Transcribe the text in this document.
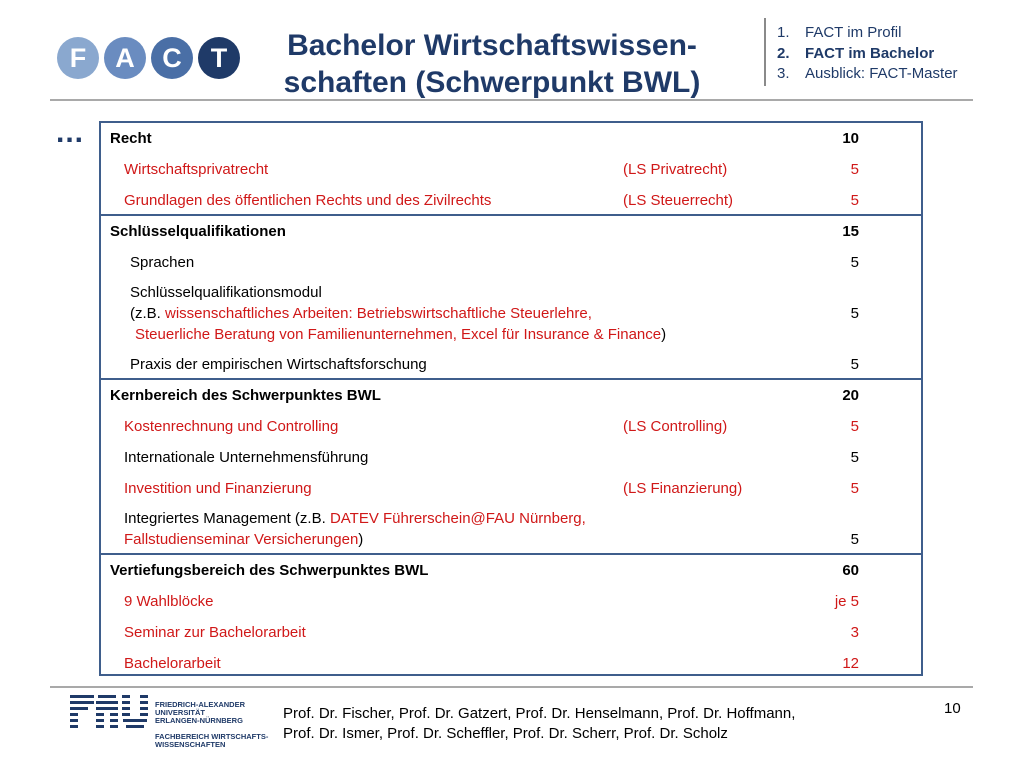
F	A	C	T	Bachelor Wirtschaftswissen-
schaften (Schwerpunkt BWL)
1. FACT im Profil
2. FACT im Bachelor
3. Ausblick: FACT-Master
... Recht	10
Wirtschaftsprivatrecht	(LS Privatrecht)	5
Grundlagen des öffentlichen Rechts und des Zivilrechts	(LS Steuerrecht)	5
Schlüsselqualifikationen	15
Sprachen	5
Schlüsselqualifikationsmodul
(z.B. wissenschaftliches Arbeiten: Betriebswirtschaftliche Steuerlehre,	5
Steuerliche Beratung von Familienunternehmen, Excel für Insurance & Finance)
Praxis der empirischen Wirtschaftsforschung	5
Kernbereich des Schwerpunktes BWL	20
Kostenrechnung und Controlling	(LS Controlling)	5
Internationale Unternehmensführung	5
Investition und Finanzierung	(LS Finanzierung)	5
Integriertes Management (z.B. DATEV Führerschein@FAU Nürnberg,
Fallstudienseminar Versicherungen)	5
Vertiefungsbereich des Schwerpunktes BWL	60
9 Wahlblöcke	je 5
Seminar zur Bachelorarbeit	3
Bachelorarbeit	12
FRIEDRICH-ALEXANDER
UNIVERSITÄT
ERLANGEN-NÜRNBERG
FACHBEREICH WIRTSCHAFTS-
WISSENSCHAFTEN
Prof. Dr. Fischer, Prof. Dr. Gatzert, Prof. Dr. Henselmann, Prof. Dr. Hoffmann,
Prof. Dr. Ismer, Prof. Dr. Scheffler, Prof. Dr. Scherr, Prof. Dr. Scholz
10
